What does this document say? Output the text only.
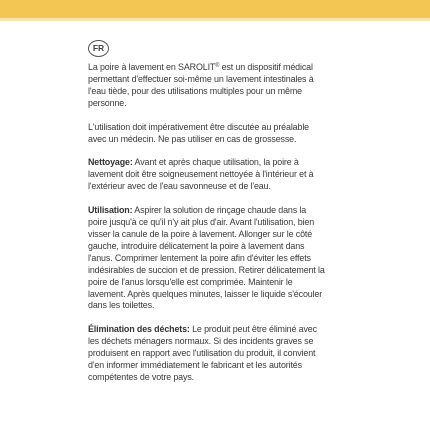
FR

La poire à lavement en SAROLIT® est un dispositif médical permettant d'effectuer soi-même un lavement intestinales à l'eau tiède, pour des utilisations multiples pour un même personne.

L'utilisation doit impérativement être discutée au préalable avec un médecin. Ne pas utiliser en cas de grossesse.

Nettoyage: Avant et après chaque utilisation, la poire à lavement doit être soigneusement nettoyée à l'intérieur et à l'extérieur avec de l'eau savonneuse et de l'eau.

Utilisation: Aspirer la solution de rinçage chaude dans la poire jusqu'à ce qu'il n'y ait plus d'air. Avant l'utilisation, bien visser la canule de la poire à lavement. Allonger sur le côté gauche, introduire délicatement la poire à lavement dans l'anus. Comprimer lentement la poire afin d'éviter les effets indésirables de succion et de pression. Retirer délicatement la poire de l'anus lorsqu'elle est comprimée. Maintenir le lavement. Après quelques minutes, laisser le liquide s'écouler dans les toilettes.

Élimination des déchets: Le produit peut être éliminé avec les déchets ménagers normaux. Si des incidents graves se produisent en rapport avec l'utilisation du produit, il convient d'en informer immédiatement le fabricant et les autorités compétentes de votre pays.
